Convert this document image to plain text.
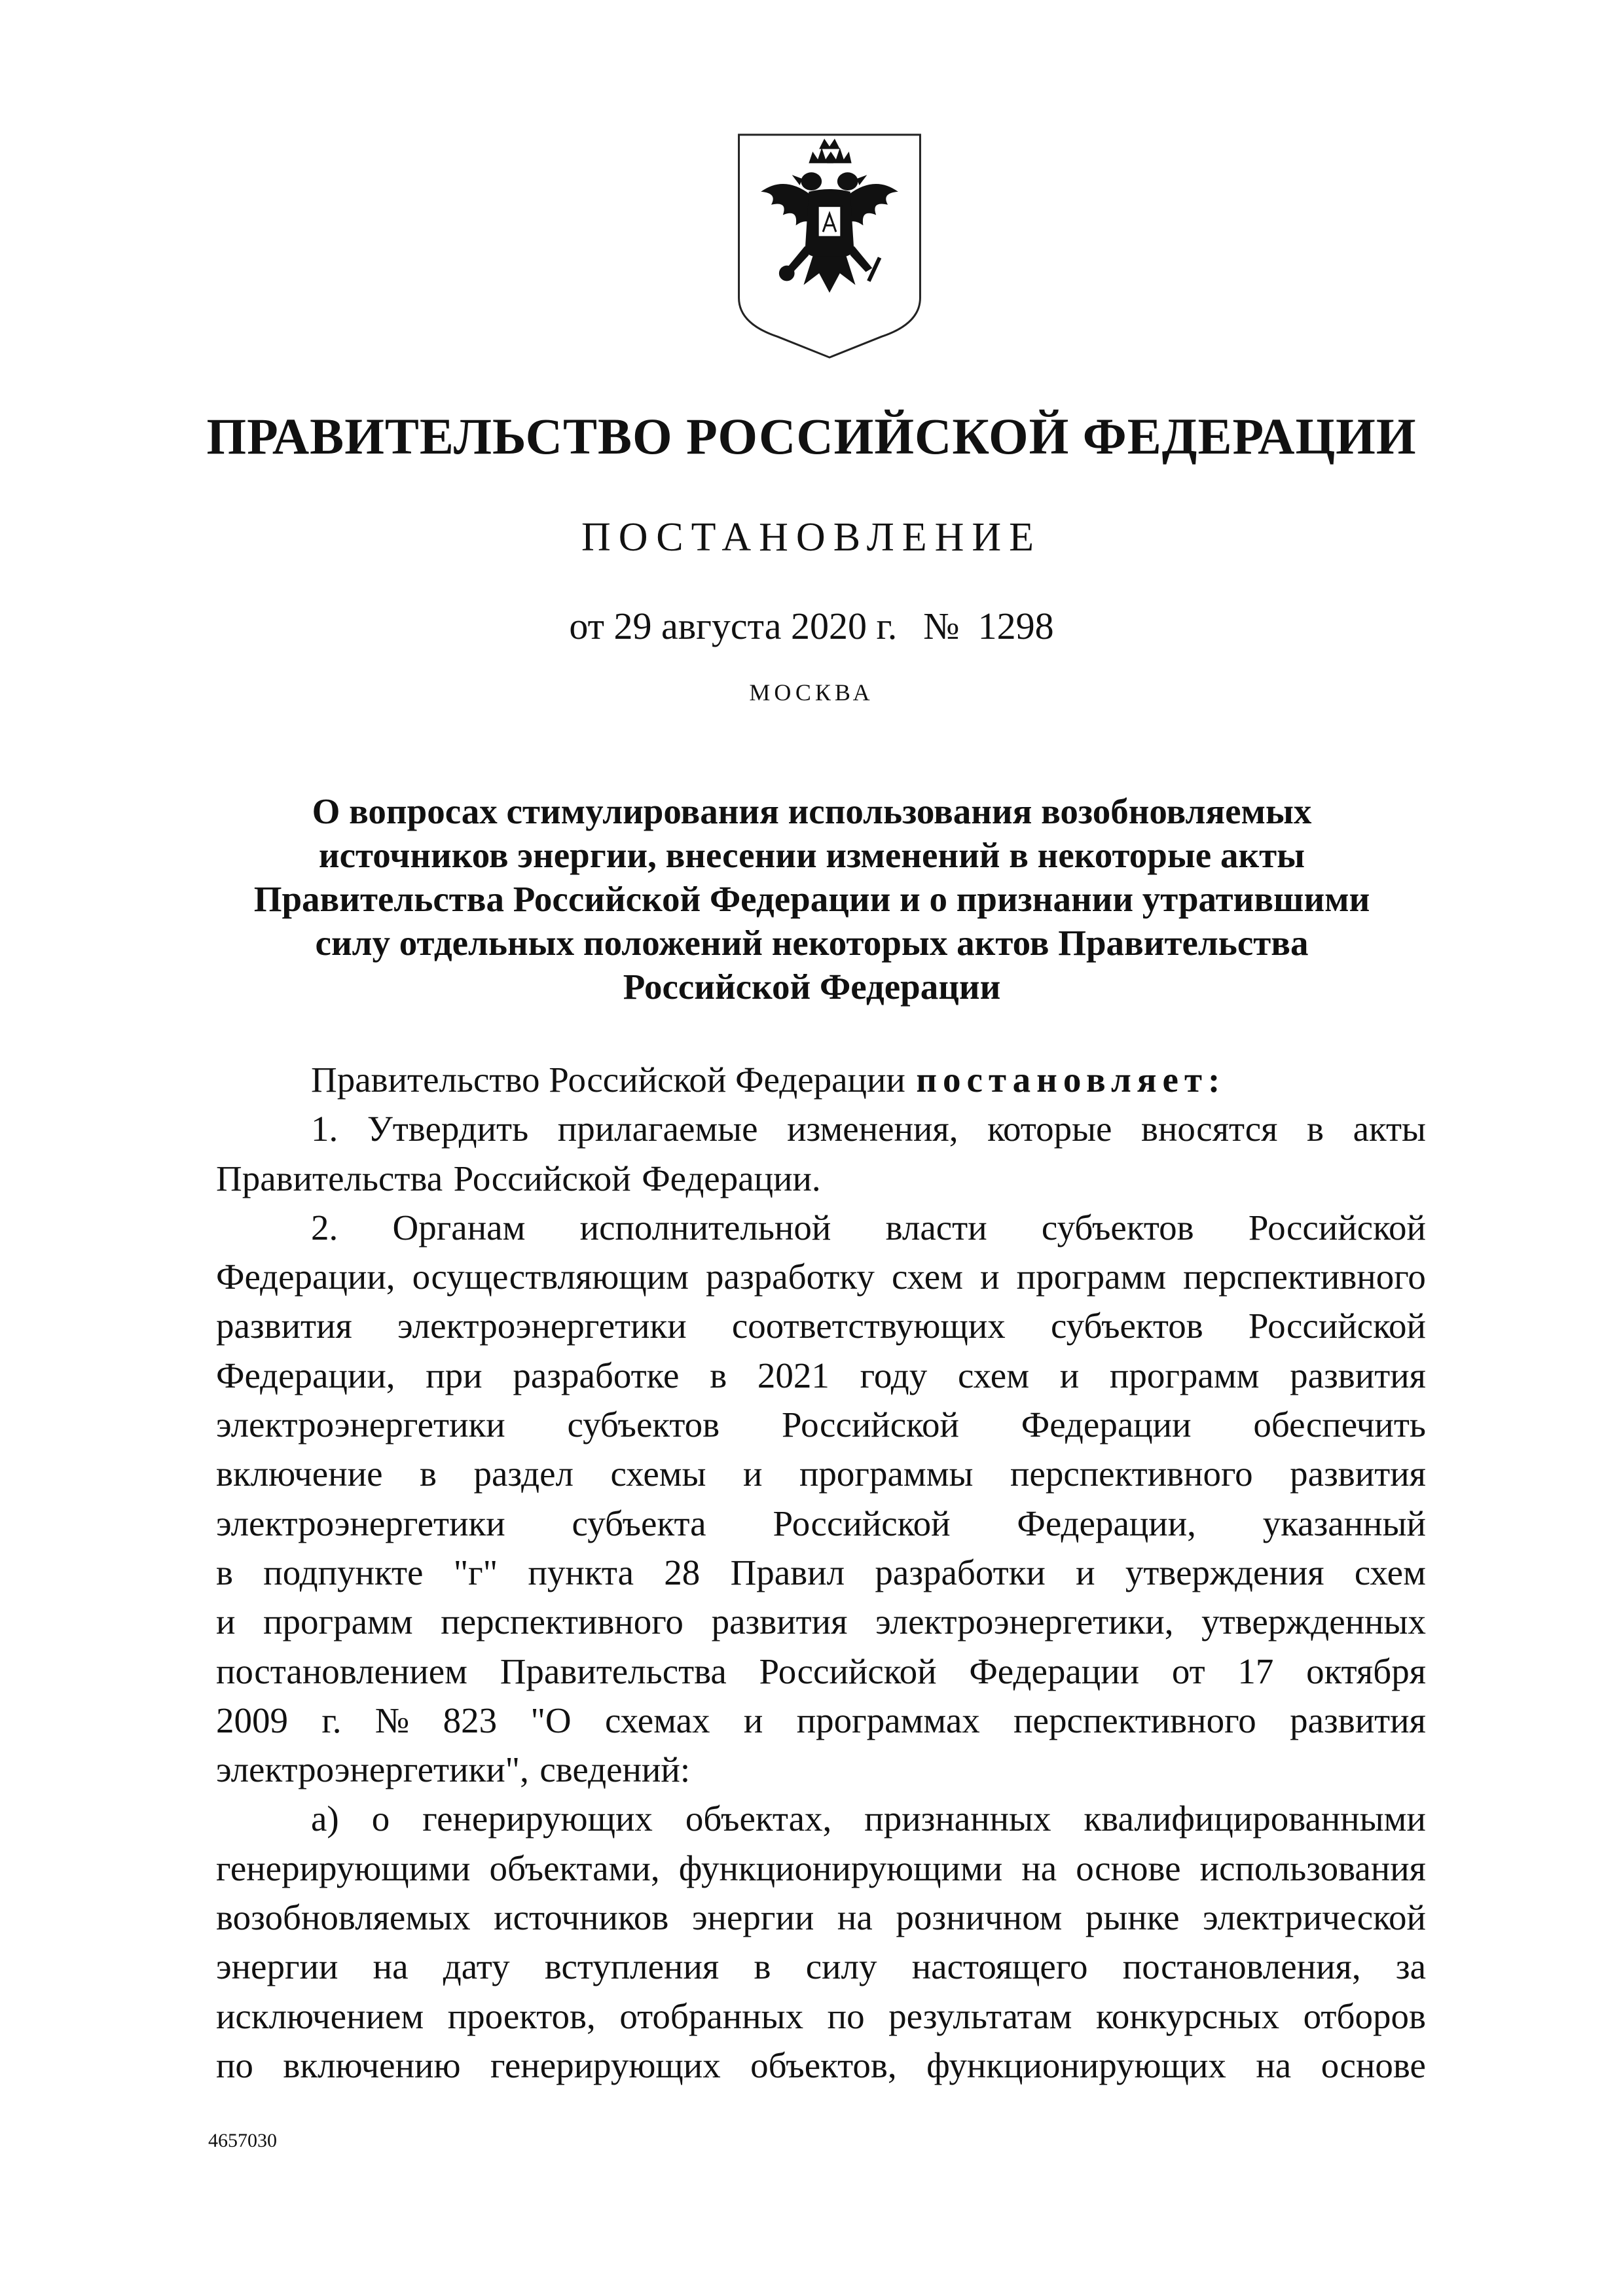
ПРАВИТЕЛЬСТВО РОССИЙСКОЙ ФЕДЕРАЦИИ
ПОСТАНОВЛЕНИЕ
от 29 августа 2020 г. № 1298
МОСКВА
О вопросах стимулирования использования возобновляемых
источников энергии, внесении изменений в некоторые акты
Правительства Российской Федерации и о признании утратившими
силу отдельных положений некоторых актов Правительства
Российской Федерации
Правительство Российской Федерации постановляет:
1. Утвердить прилагаемые изменения, которые вносятся в акты
Правительства Российской Федерации.
2. Органам исполнительной власти субъектов Российской
Федерации, осуществляющим разработку схем и программ перспективного
развития электроэнергетики соответствующих субъектов Российской
Федерации, при разработке в 2021 году схем и программ развития
электроэнергетики субъектов Российской Федерации обеспечить
включение в раздел схемы и программы перспективного развития
электроэнергетики субъекта Российской Федерации, указанный
в подпункте "г" пункта 28 Правил разработки и утверждения схем
и программ перспективного развития электроэнергетики, утвержденных
постановлением Правительства Российской Федерации от 17 октября
2009 г. № 823 "О схемах и программах перспективного развития
электроэнергетики", сведений:
а) о генерирующих объектах, признанных квалифицированными
генерирующими объектами, функционирующими на основе использования
возобновляемых источников энергии на розничном рынке электрической
энергии на дату вступления в силу настоящего постановления, за
исключением проектов, отобранных по результатам конкурсных отборов
по включению генерирующих объектов, функционирующих на основе
4657030
